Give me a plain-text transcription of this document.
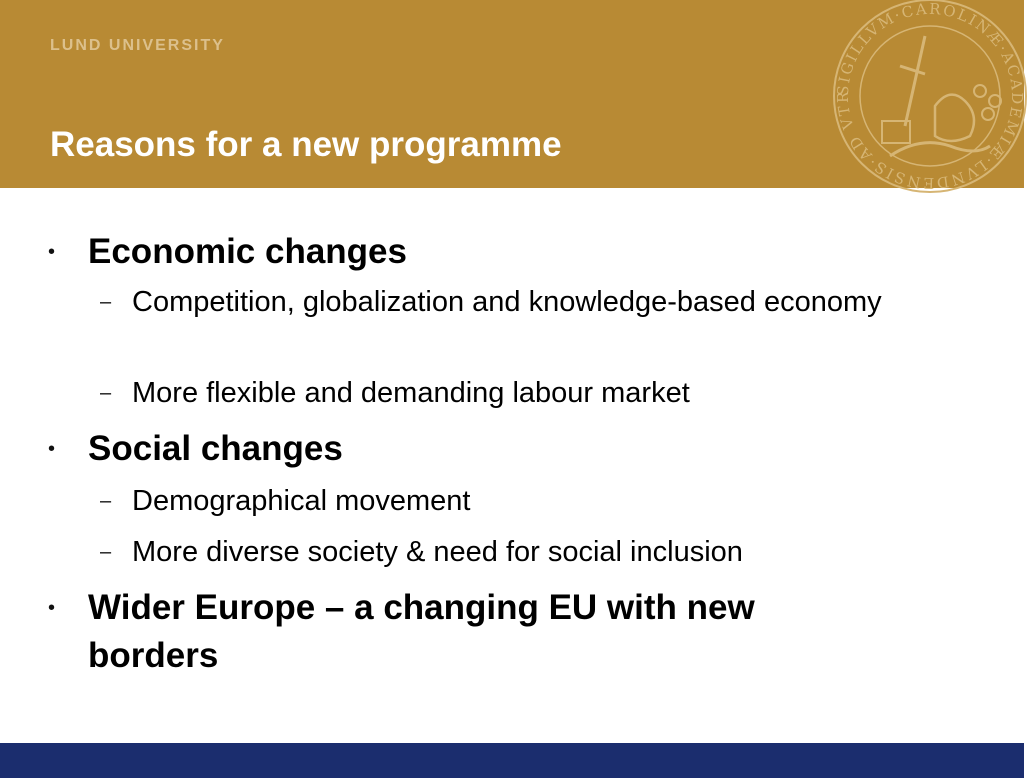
LUND UNIVERSITY
Reasons for a new programme
SIGILLVM·CAROLINÆ·ACADEMIÆ·LVNDENSIS·AD VTR
• Economic changes
– Competition, globalization and knowledge-based economy
– More flexible and demanding labour market
• Social changes
– Demographical movement
– More diverse society & need for social inclusion
• Wider Europe – a changing EU with new borders
